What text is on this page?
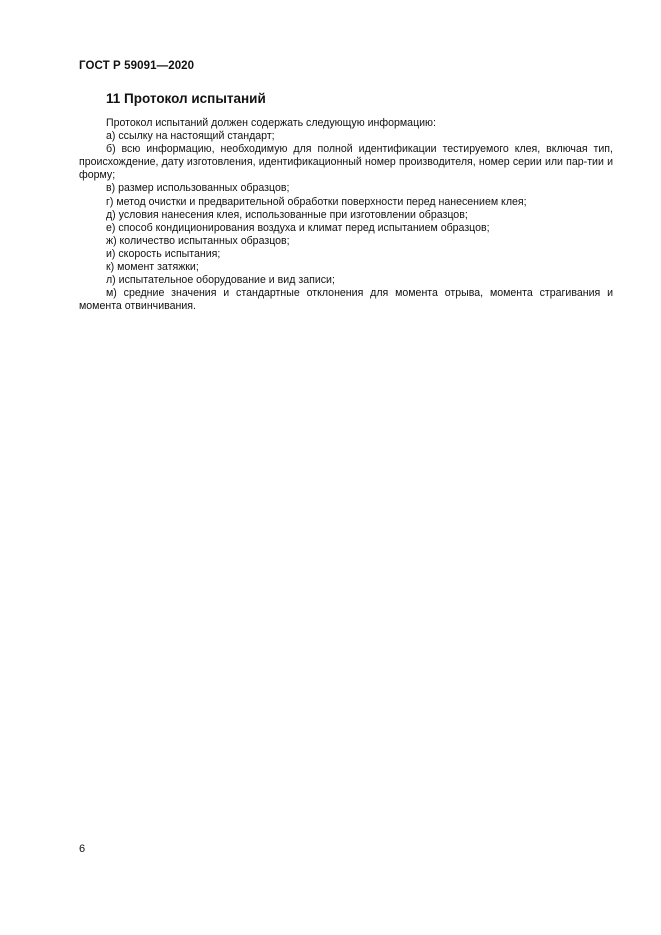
ГОСТ Р 59091—2020
11 Протокол испытаний

Протокол испытаний должен содержать следующую информацию:

а) ссылку на настоящий стандарт;

б) всю информацию, необходимую для полной идентификации тестируемого клея, включая тип, происхождение, дату изготовления, идентификационный номер производителя, номер серии или пар-тии и форму;

в) размер использованных образцов;

г) метод очистки и предварительной обработки поверхности перед нанесением клея;

д) условия нанесения клея, использованные при изготовлении образцов;

е) способ кондиционирования воздуха и климат перед испытанием образцов;

ж) количество испытанных образцов;

и) скорость испытания;

к) момент затяжки;

л) испытательное оборудование и вид записи;

м) средние значения и стандартные отклонения для момента отрыва, момента страгивания и момента отвинчивания.

6
